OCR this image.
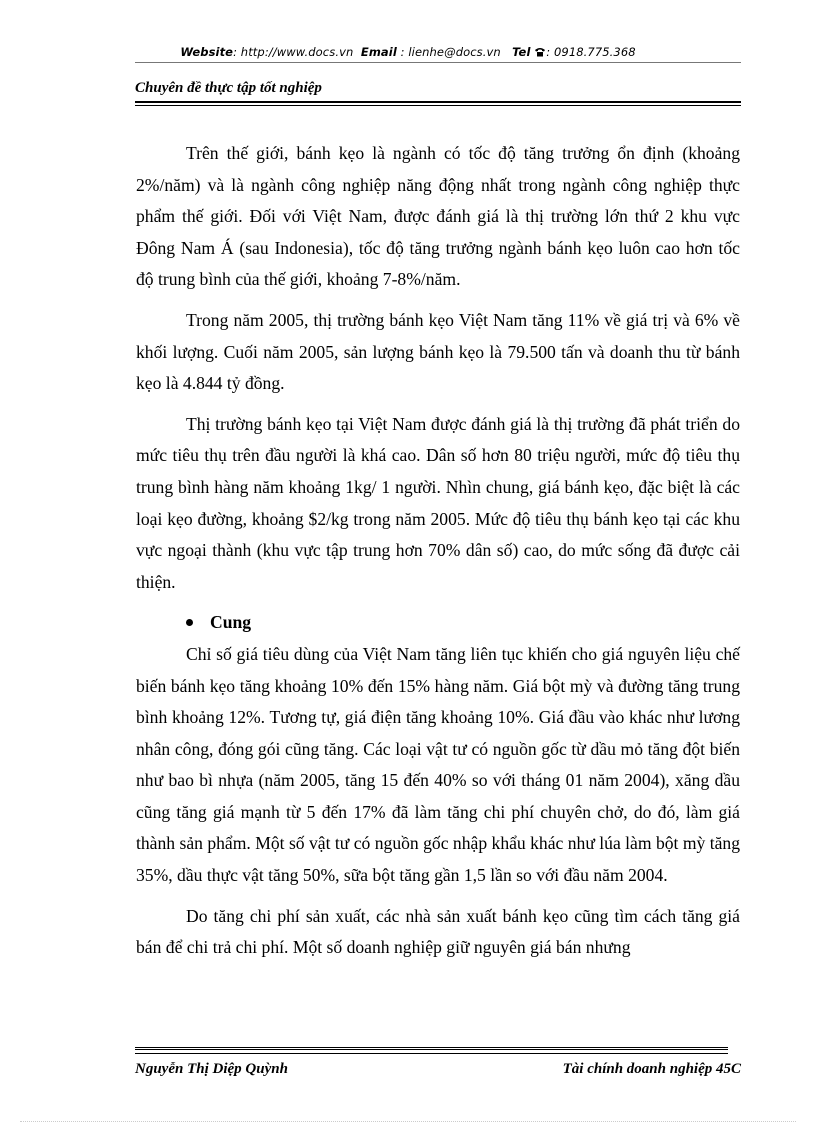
Website: http://www.docs.vn Email : lienhe@docs.vn Tel : 0918.775.368
Chuyên đề thực tập tốt nghiệp

Trên thế giới, bánh kẹo là ngành có tốc độ tăng trưởng ổn định (khoảng 2%/năm) và là ngành công nghiệp năng động nhất trong ngành công nghiệp thực phẩm thế giới. Đối với Việt Nam, được đánh giá là thị trường lớn thứ 2 khu vực Đông Nam Á (sau Indonesia), tốc độ tăng trưởng ngành bánh kẹo luôn cao hơn tốc độ trung bình của thế giới, khoảng 7-8%/năm.

Trong năm 2005, thị trường bánh kẹo Việt Nam tăng 11% về giá trị và 6% về khối lượng. Cuối năm 2005, sản lượng bánh kẹo là 79.500 tấn và doanh thu từ bánh kẹo là 4.844 tỷ đồng.

Thị trường bánh kẹo tại Việt Nam được đánh giá là thị trường đã phát triển do mức tiêu thụ trên đầu người là khá cao. Dân số hơn 80 triệu người, mức độ tiêu thụ trung bình hàng năm khoảng 1kg/ 1 người. Nhìn chung, giá bánh kẹo, đặc biệt là các loại kẹo đường, khoảng $2/kg trong năm 2005. Mức độ tiêu thụ bánh kẹo tại các khu vực ngoại thành (khu vực tập trung hơn 70% dân số) cao, do mức sống đã được cải thiện.

Cung

Chỉ số giá tiêu dùng của Việt Nam tăng liên tục khiến cho giá nguyên liệu chế biến bánh kẹo tăng khoảng 10% đến 15% hàng năm. Giá bột mỳ và đường tăng trung bình khoảng 12%. Tương tự, giá điện tăng khoảng 10%. Giá đầu vào khác như lương nhân công, đóng gói cũng tăng. Các loại vật tư có nguồn gốc từ dầu mỏ tăng đột biến như bao bì nhựa (năm 2005, tăng 15 đến 40% so với tháng 01 năm 2004), xăng dầu cũng tăng giá mạnh từ 5 đến 17% đã làm tăng chi phí chuyên chở, do đó, làm giá thành sản phẩm. Một số vật tư có nguồn gốc nhập khẩu khác như lúa làm bột mỳ tăng 35%, dầu thực vật tăng 50%, sữa bột tăng gần 1,5 lần so với đầu năm 2004.

Do tăng chi phí sản xuất, các nhà sản xuất bánh kẹo cũng tìm cách tăng giá bán để chi trả chi phí. Một số doanh nghiệp giữ nguyên giá bán nhưng

Nguyễn Thị Diệp Quỳnh	Tài chính doanh nghiệp 45C
